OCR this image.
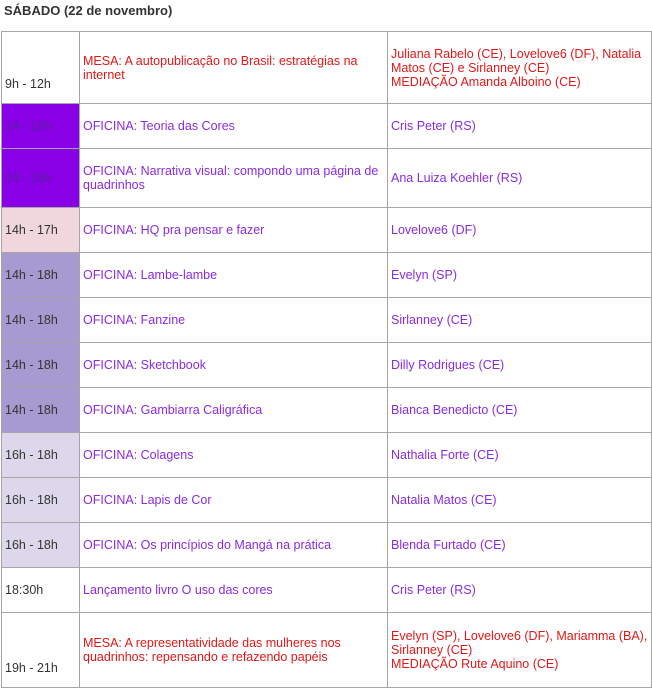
SÁBADO (22 de novembro)
9h - 12h	MESA: A autopublicação no Brasil: estratégias na internet	Juliana Rabelo (CE), Lovelove6 (DF), Natalia Matos (CE) e Sirlanney (CE)
MEDIAÇÃO Amanda Alboino (CE)

14 - 16h	OFICINA: Teoria das Cores	Cris Peter (RS)
14 - 16h	OFICINA: Narrativa visual: compondo uma página de quadrinhos	Ana Luiza Koehler (RS)
14h - 17h	OFICINA: HQ pra pensar e fazer	Lovelove6 (DF)
14h - 18h	OFICINA: Lambe-lambe	Evelyn (SP)
14h - 18h	OFICINA: Fanzine	Sirlanney (CE)
14h - 18h	OFICINA: Sketchbook	Dilly Rodrigues (CE)
14h - 18h	OFICINA: Gambiarra Caligráfica	Bianca Benedicto (CE)
16h - 18h	OFICINA: Colagens	Nathalia Forte (CE)
16h - 18h	OFICINA: Lapis de Cor	Natalia Matos (CE)
16h - 18h	OFICINA: Os princípios do Mangá na prática	Blenda Furtado (CE)
18:30h	Lançamento livro O uso das cores	Cris Peter (RS)
19h - 21h	MESA: A representatividade das mulheres nos quadrinhos: repensando e refazendo papéis	Evelyn (SP), Lovelove6 (DF), Mariamma (BA), Sirlanney (CE)
MEDIAÇÃO Rute Aquino (CE)
